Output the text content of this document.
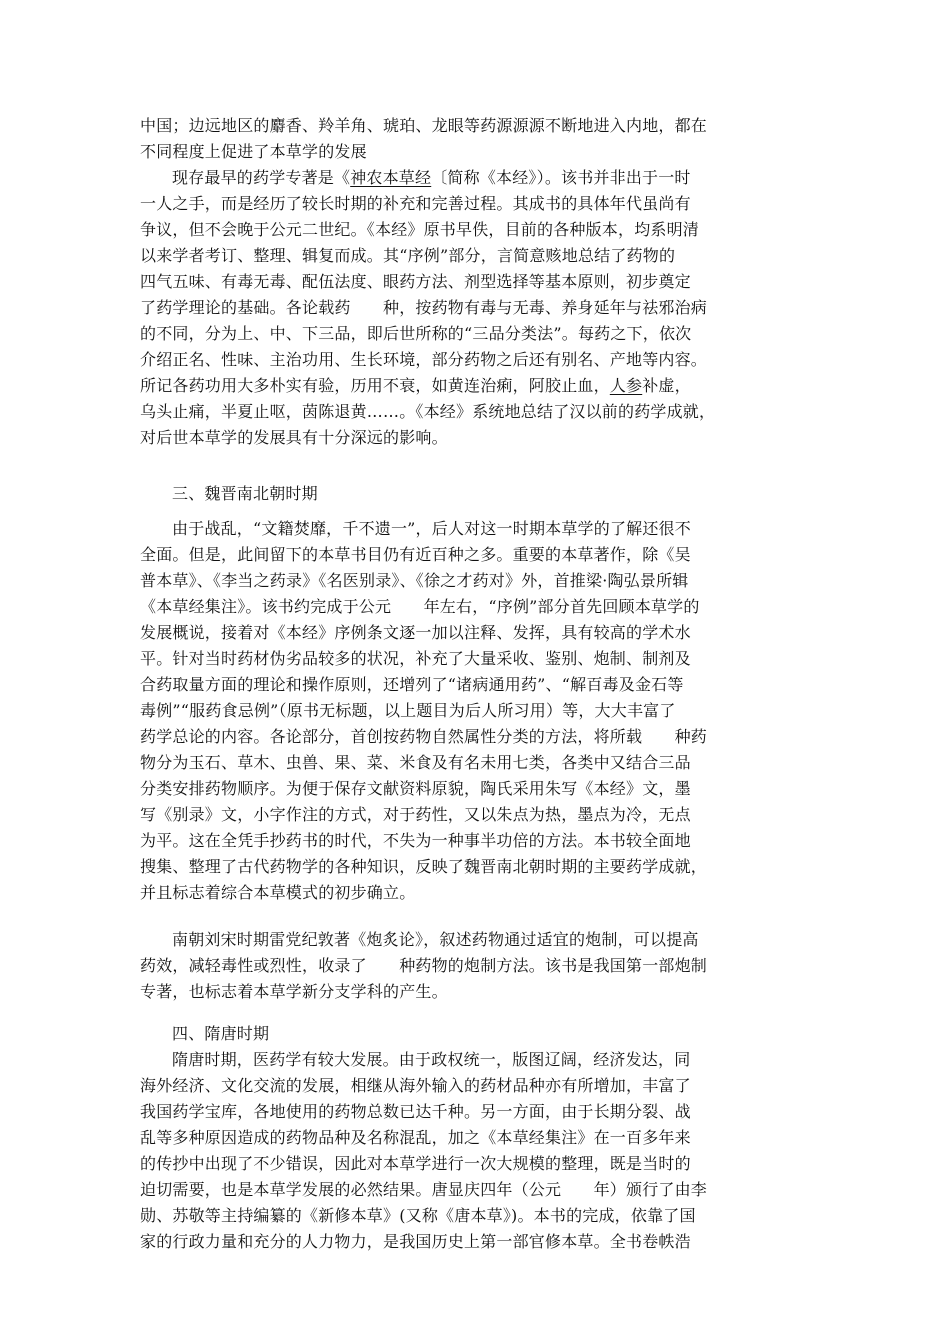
中国；边远地区的麝香、羚羊角、琥珀、龙眼等药源源源不断地进入内地，都在
不同程度上促进了本草学的发展
现存最早的药学专著是《神农本草经〔简称《本经》）。该书并非出于一时
一人之手，而是经历了较长时期的补充和完善过程。其成书的具体年代虽尚有
争议，但不会晚于公元二世纪。《本经》原书早佚，目前的各种版本，均系明清
以来学者考订、整理、辑复而成。其“序例”部分，言简意赅地总结了药物的
四气五味、有毒无毒、配伍法度、眼药方法、剂型选择等基本原则，初步奠定
了药学理论的基础。各论载药　　种，按药物有毒与无毒、养身延年与祛邪治病
的不同，分为上、中、下三品，即后世所称的“三品分类法”。每药之下，依次
介绍正名、性味、主治功用、生长环境，部分药物之后还有别名、产地等内容。
所记各药功用大多朴实有验，历用不衰，如黄连治痢，阿胶止血，人参补虚，
乌头止痛，半夏止呕，茵陈退黄……。《本经》系统地总结了汉以前的药学成就，
对后世本草学的发展具有十分深远的影响。
三、魏晋南北朝时期
由于战乱，“文籍焚靡，千不遗一”，后人对这一时期本草学的了解还很不
全面。但是，此间留下的本草书目仍有近百种之多。重要的本草著作，除《吴
普本草》、《李当之药录》《名医别录》、《徐之才药对》外，首推梁·陶弘景所辑
《本草经集注》。该书约完成于公元　　年左右，“序例”部分首先回顾本草学的
发展概说，接着对《本经》序例条文逐一加以注释、发挥，具有较高的学术水
平。针对当时药材伪劣品较多的状况，补充了大量采收、鉴别、炮制、制剂及
合药取量方面的理论和操作原则，还增列了“诸病通用药”、“解百毒及金石等
毒例”“服药食忌例”（原书无标题，以上题目为后人所习用）等，大大丰富了
药学总论的内容。各论部分，首创按药物自然属性分类的方法，将所载　　种药
物分为玉石、草木、虫兽、果、菜、米食及有名未用七类，各类中又结合三品
分类安排药物顺序。为便于保存文献资料原貌，陶氏采用朱写《本经》文，墨
写《别录》文，小字作注的方式，对于药性，又以朱点为热，墨点为冷，无点
为平。这在全凭手抄药书的时代，不失为一种事半功倍的方法。本书较全面地
搜集、整理了古代药物学的各种知识，反映了魏晋南北朝时期的主要药学成就，
并且标志着综合本草模式的初步确立。
南朝刘宋时期雷党纪敦著《炮炙论》，叙述药物通过适宜的炮制，可以提高
药效，减轻毒性或烈性，收录了　　种药物的炮制方法。该书是我国第一部炮制
专著，也标志着本草学新分支学科的产生。
四、隋唐时期
隋唐时期，医药学有较大发展。由于政权统一，版图辽阔，经济发达，同
海外经济、文化交流的发展，相继从海外输入的药材品种亦有所增加，丰富了
我国药学宝库，各地使用的药物总数已达千种。另一方面，由于长期分裂、战
乱等多种原因造成的药物品种及名称混乱，加之《本草经集注》在一百多年来
的传抄中出现了不少错误，因此对本草学进行一次大规模的整理，既是当时的
迫切需要，也是本草学发展的必然结果。唐显庆四年（公元　　年）颁行了由李
勋、苏敬等主持编纂的《新修本草》(又称《唐本草》)。本书的完成，依靠了国
家的行政力量和充分的人力物力，是我国历史上第一部官修本草。全书卷帙浩
